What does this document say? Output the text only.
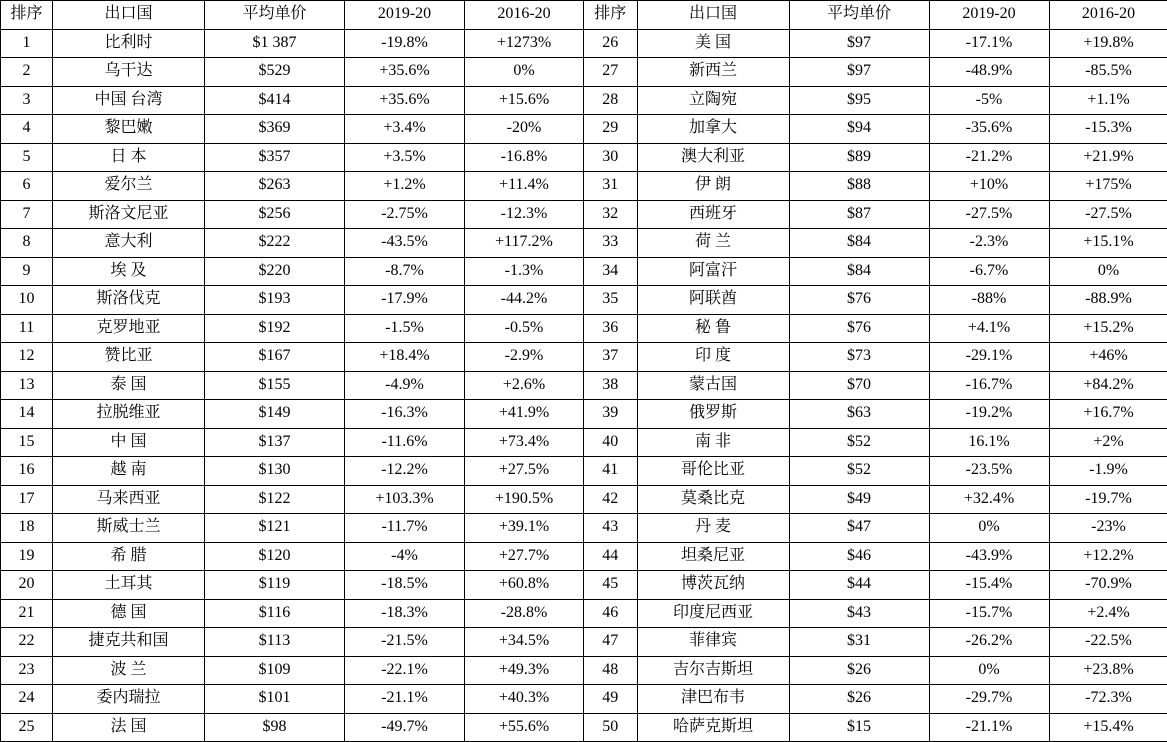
排序	出口国	平均单价	2019-20	2016-20
1	比利时	$1 387	-19.8%	+1273%
2	乌干达	$529	+35.6%	0%
3	中国 台湾	$414	+35.6%	+15.6%
4	黎巴嫩	$369	+3.4%	-20%
5	日 本	$357	+3.5%	-16.8%
6	爱尔兰	$263	+1.2%	+11.4%
7	斯洛文尼亚	$256	-2.75%	-12.3%
8	意大利	$222	-43.5%	+117.2%
9	埃 及	$220	-8.7%	-1.3%
10	斯洛伐克	$193	-17.9%	-44.2%
11	克罗地亚	$192	-1.5%	-0.5%
12	赞比亚	$167	+18.4%	-2.9%
13	泰 国	$155	-4.9%	+2.6%
14	拉脱维亚	$149	-16.3%	+41.9%
15	中 国	$137	-11.6%	+73.4%
16	越 南	$130	-12.2%	+27.5%
17	马来西亚	$122	+103.3%	+190.5%
18	斯威士兰	$121	-11.7%	+39.1%
19	希 腊	$120	-4%	+27.7%
20	土耳其	$119	-18.5%	+60.8%
21	德 国	$116	-18.3%	-28.8%
22	捷克共和国	$113	-21.5%	+34.5%
23	波 兰	$109	-22.1%	+49.3%
24	委内瑞拉	$101	-21.1%	+40.3%
25	法 国	$98	-49.7%	+55.6%
排序	出口国	平均单价	2019-20	2016-20
26	美 国	$97	-17.1%	+19.8%
27	新西兰	$97	-48.9%	-85.5%
28	立陶宛	$95	-5%	+1.1%
29	加拿大	$94	-35.6%	-15.3%
30	澳大利亚	$89	-21.2%	+21.9%
31	伊 朗	$88	+10%	+175%
32	西班牙	$87	-27.5%	-27.5%
33	荷 兰	$84	-2.3%	+15.1%
34	阿富汗	$84	-6.7%	0%
35	阿联酋	$76	-88%	-88.9%
36	秘 鲁	$76	+4.1%	+15.2%
37	印 度	$73	-29.1%	+46%
38	蒙古国	$70	-16.7%	+84.2%
39	俄罗斯	$63	-19.2%	+16.7%
40	南 非	$52	16.1%	+2%
41	哥伦比亚	$52	-23.5%	-1.9%
42	莫桑比克	$49	+32.4%	-19.7%
43	丹 麦	$47	0%	-23%
44	坦桑尼亚	$46	-43.9%	+12.2%
45	博茨瓦纳	$44	-15.4%	-70.9%
46	印度尼西亚	$43	-15.7%	+2.4%
47	菲律宾	$31	-26.2%	-22.5%
48	吉尔吉斯坦	$26	0%	+23.8%
49	津巴布韦	$26	-29.7%	-72.3%
50	哈萨克斯坦	$15	-21.1%	+15.4%
